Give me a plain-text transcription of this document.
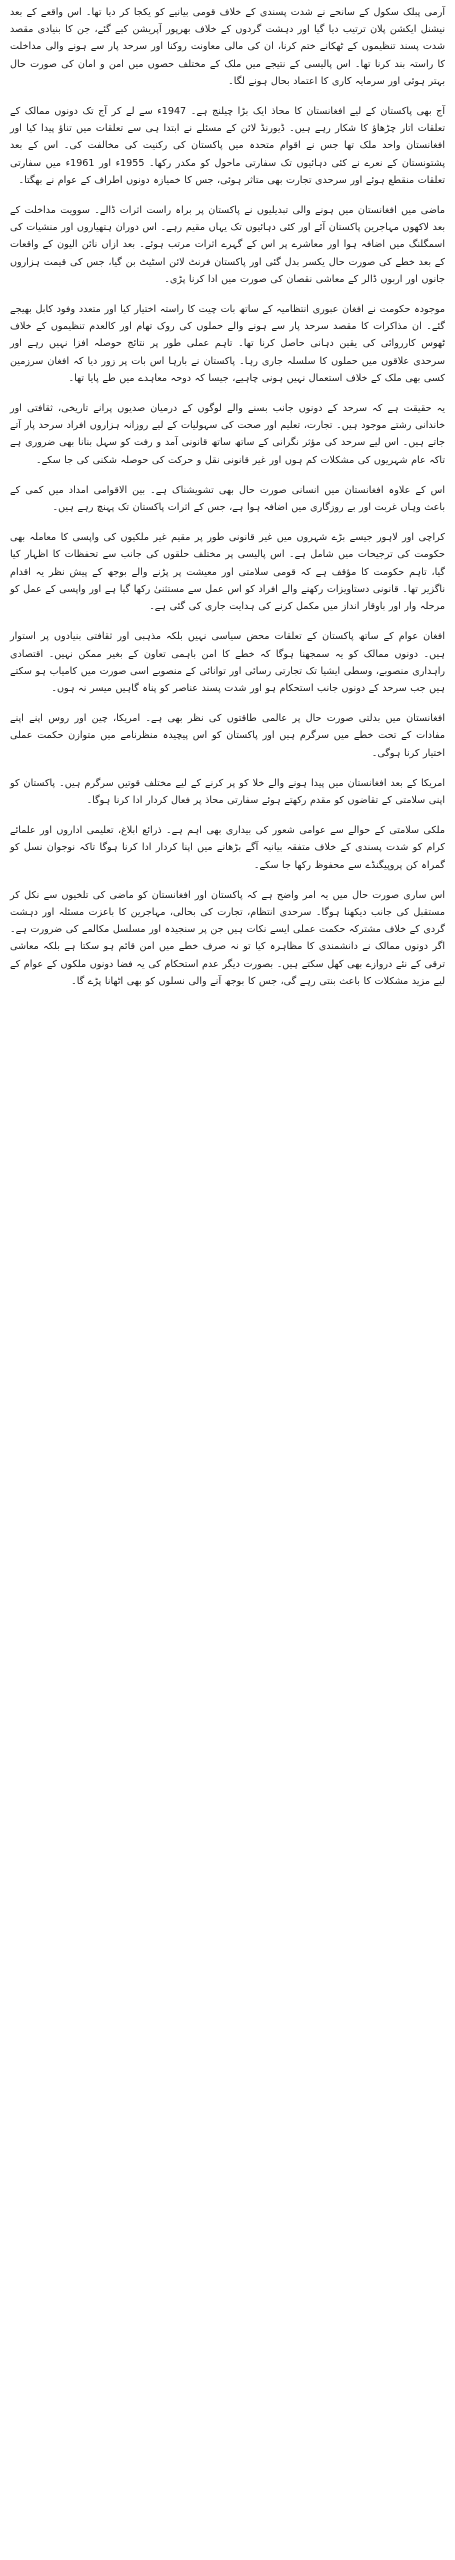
آرمی پبلک سکول کے سانحے نے شدت پسندی کے خلاف قومی بیانیے کو یکجا کر دیا تھا۔ اس واقعے کے بعد نیشنل ایکشن پلان ترتیب دیا گیا اور دہشت گردوں کے خلاف بھرپور آپریشن کیے گئے، جن کا بنیادی مقصد شدت پسند تنظیموں کے ٹھکانے ختم کرنا، ان کی مالی معاونت روکنا اور سرحد پار سے ہونے والی مداخلت کا راستہ بند کرنا تھا۔ اس پالیسی کے نتیجے میں ملک کے مختلف حصوں میں امن و امان کی صورت حال بہتر ہوئی اور سرمایہ کاری کا اعتماد بحال ہونے لگا۔

آج بھی پاکستان کے لیے افغانستان کا محاذ ایک بڑا چیلنج ہے۔ 1947ء سے لے کر آج تک دونوں ممالک کے تعلقات اتار چڑھاؤ کا شکار رہے ہیں۔ ڈیورنڈ لائن کے مسئلے نے ابتدا ہی سے تعلقات میں تناؤ پیدا کیا اور افغانستان واحد ملک تھا جس نے اقوام متحدہ میں پاکستان کی رکنیت کی مخالفت کی۔ اس کے بعد پشتونستان کے نعرے نے کئی دہائیوں تک سفارتی ماحول کو مکدر رکھا۔ 1955ء اور 1961ء میں سفارتی تعلقات منقطع ہوئے اور سرحدی تجارت بھی متاثر ہوئی، جس کا خمیازہ دونوں اطراف کے عوام نے بھگتا۔

ماضی میں افغانستان میں ہونے والی تبدیلیوں نے پاکستان پر براہ راست اثرات ڈالے۔ سوویت مداخلت کے بعد لاکھوں مہاجرین پاکستان آئے اور کئی دہائیوں تک یہاں مقیم رہے۔ اس دوران ہتھیاروں اور منشیات کی اسمگلنگ میں اضافہ ہوا اور معاشرے پر اس کے گہرے اثرات مرتب ہوئے۔ بعد ازاں نائن الیون کے واقعات کے بعد خطے کی صورت حال یکسر بدل گئی اور پاکستان فرنٹ لائن اسٹیٹ بن گیا، جس کی قیمت ہزاروں جانوں اور اربوں ڈالر کے معاشی نقصان کی صورت میں ادا کرنا پڑی۔

موجودہ حکومت نے افغان عبوری انتظامیہ کے ساتھ بات چیت کا راستہ اختیار کیا اور متعدد وفود کابل بھیجے گئے۔ ان مذاکرات کا مقصد سرحد پار سے ہونے والے حملوں کی روک تھام اور کالعدم تنظیموں کے خلاف ٹھوس کارروائی کی یقین دہانی حاصل کرنا تھا۔ تاہم عملی طور پر نتائج حوصلہ افزا نہیں رہے اور سرحدی علاقوں میں حملوں کا سلسلہ جاری رہا۔ پاکستان نے بارہا اس بات پر زور دیا کہ افغان سرزمین کسی بھی ملک کے خلاف استعمال نہیں ہونی چاہیے، جیسا کہ دوحہ معاہدے میں طے پایا تھا۔

یہ حقیقت ہے کہ سرحد کے دونوں جانب بسنے والے لوگوں کے درمیان صدیوں پرانے تاریخی، ثقافتی اور خاندانی رشتے موجود ہیں۔ تجارت، تعلیم اور صحت کی سہولیات کے لیے روزانہ ہزاروں افراد سرحد پار آتے جاتے ہیں۔ اس لیے سرحد کی مؤثر نگرانی کے ساتھ ساتھ قانونی آمد و رفت کو سہل بنانا بھی ضروری ہے تاکہ عام شہریوں کی مشکلات کم ہوں اور غیر قانونی نقل و حرکت کی حوصلہ شکنی کی جا سکے۔

اس کے علاوہ افغانستان میں انسانی صورت حال بھی تشویشناک ہے۔ بین الاقوامی امداد میں کمی کے باعث وہاں غربت اور بے روزگاری میں اضافہ ہوا ہے، جس کے اثرات پاکستان تک پہنچ رہے ہیں۔

کراچی اور لاہور جیسے بڑے شہروں میں غیر قانونی طور پر مقیم غیر ملکیوں کی واپسی کا معاملہ بھی حکومت کی ترجیحات میں شامل ہے۔ اس پالیسی پر مختلف حلقوں کی جانب سے تحفظات کا اظہار کیا گیا، تاہم حکومت کا مؤقف ہے کہ قومی سلامتی اور معیشت پر پڑنے والے بوجھ کے پیش نظر یہ اقدام ناگزیر تھا۔ قانونی دستاویزات رکھنے والے افراد کو اس عمل سے مستثنیٰ رکھا گیا ہے اور واپسی کے عمل کو مرحلہ وار اور باوقار انداز میں مکمل کرنے کی ہدایت جاری کی گئی ہے۔

افغان عوام کے ساتھ پاکستان کے تعلقات محض سیاسی نہیں بلکہ مذہبی اور ثقافتی بنیادوں پر استوار ہیں۔ دونوں ممالک کو یہ سمجھنا ہوگا کہ خطے کا امن باہمی تعاون کے بغیر ممکن نہیں۔ اقتصادی راہداری منصوبے، وسطی ایشیا تک تجارتی رسائی اور توانائی کے منصوبے اسی صورت میں کامیاب ہو سکتے ہیں جب سرحد کے دونوں جانب استحکام ہو اور شدت پسند عناصر کو پناہ گاہیں میسر نہ ہوں۔

افغانستان میں بدلتی صورت حال پر عالمی طاقتوں کی نظر بھی ہے۔ امریکا، چین اور روس اپنے اپنے مفادات کے تحت خطے میں سرگرم ہیں اور پاکستان کو اس پیچیدہ منظرنامے میں متوازن حکمت عملی اختیار کرنا ہوگی۔

امریکا کے بعد افغانستان میں پیدا ہونے والے خلا کو پر کرنے کے لیے مختلف قوتیں سرگرم ہیں۔ پاکستان کو اپنی سلامتی کے تقاضوں کو مقدم رکھتے ہوئے سفارتی محاذ پر فعال کردار ادا کرنا ہوگا۔

ملکی سلامتی کے حوالے سے عوامی شعور کی بیداری بھی اہم ہے۔ ذرائع ابلاغ، تعلیمی اداروں اور علمائے کرام کو شدت پسندی کے خلاف متفقہ بیانیہ آگے بڑھانے میں اپنا کردار ادا کرنا ہوگا تاکہ نوجوان نسل کو گمراہ کن پروپیگنڈے سے محفوظ رکھا جا سکے۔

اس ساری صورت حال میں یہ امر واضح ہے کہ پاکستان اور افغانستان کو ماضی کی تلخیوں سے نکل کر مستقبل کی جانب دیکھنا ہوگا۔ سرحدی انتظام، تجارت کی بحالی، مہاجرین کا باعزت مسئلہ اور دہشت گردی کے خلاف مشترکہ حکمت عملی ایسے نکات ہیں جن پر سنجیدہ اور مسلسل مکالمے کی ضرورت ہے۔ اگر دونوں ممالک نے دانشمندی کا مظاہرہ کیا تو نہ صرف خطے میں امن قائم ہو سکتا ہے بلکہ معاشی ترقی کے نئے دروازے بھی کھل سکتے ہیں۔ بصورت دیگر عدم استحکام کی یہ فضا دونوں ملکوں کے عوام کے لیے مزید مشکلات کا باعث بنتی رہے گی، جس کا بوجھ آنے والی نسلوں کو بھی اٹھانا پڑے گا۔
